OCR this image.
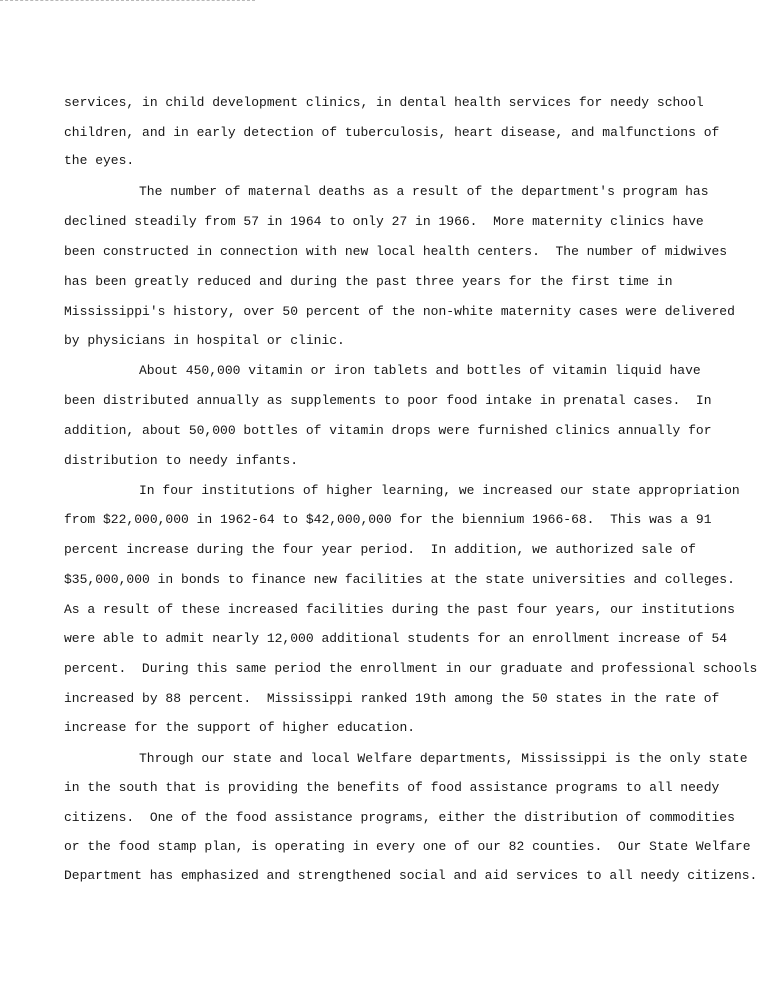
services, in child development clinics, in dental health services for needy school
children, and in early detection of tuberculosis, heart disease, and malfunctions of
the eyes.
The number of maternal deaths as a result of the department's program has
declined steadily from 57 in 1964 to only 27 in 1966.  More maternity clinics have
been constructed in connection with new local health centers.  The number of midwives
has been greatly reduced and during the past three years for the first time in
Mississippi's history, over 50 percent of the non-white maternity cases were delivered
by physicians in hospital or clinic.
About 450,000 vitamin or iron tablets and bottles of vitamin liquid have
been distributed annually as supplements to poor food intake in prenatal cases.  In
addition, about 50,000 bottles of vitamin drops were furnished clinics annually for
distribution to needy infants.
In four institutions of higher learning, we increased our state appropriation
from $22,000,000 in 1962-64 to $42,000,000 for the biennium 1966-68.  This was a 91
percent increase during the four year period.  In addition, we authorized sale of
$35,000,000 in bonds to finance new facilities at the state universities and colleges.
As a result of these increased facilities during the past four years, our institutions
were able to admit nearly 12,000 additional students for an enrollment increase of 54
percent.  During this same period the enrollment in our graduate and professional schools
increased by 88 percent.  Mississippi ranked 19th among the 50 states in the rate of
increase for the support of higher education.
Through our state and local Welfare departments, Mississippi is the only state
in the south that is providing the benefits of food assistance programs to all needy
citizens.  One of the food assistance programs, either the distribution of commodities
or the food stamp plan, is operating in every one of our 82 counties.  Our State Welfare
Department has emphasized and strengthened social and aid services to all needy citizens.
